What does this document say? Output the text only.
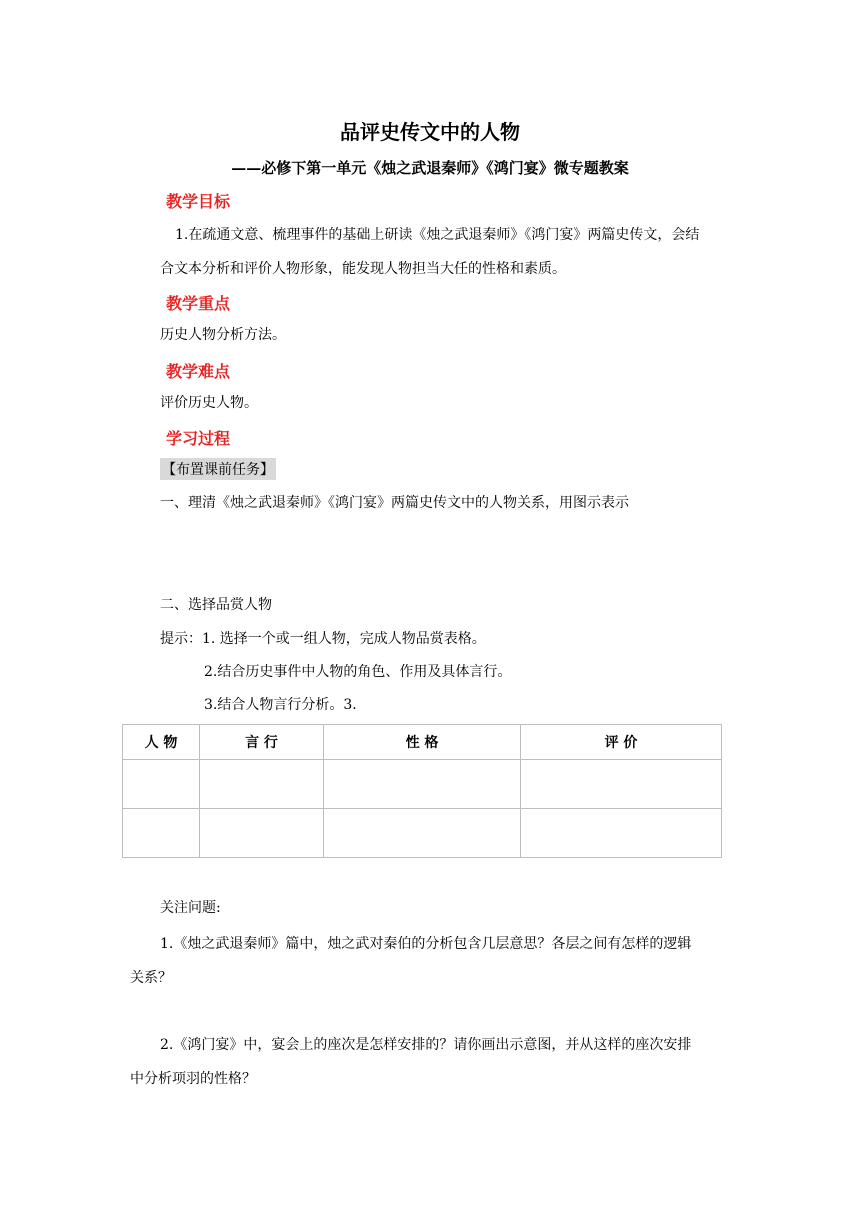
品评史传文中的人物
——必修下第一单元《烛之武退秦师》《鸿门宴》微专题教案
教学目标
1.在疏通文意、梳理事件的基础上研读《烛之武退秦师》《鸿门宴》两篇史传文，会结
合文本分析和评价人物形象，能发现人物担当大任的性格和素质。
教学重点
历史人物分析方法。
教学难点
评价历史人物。
学习过程
【布置课前任务】
一、理清《烛之武退秦师》《鸿门宴》两篇史传文中的人物关系，用图示表示
二、选择品赏人物
提示：1. 选择一个或一组人物，完成人物品赏表格。
2.结合历史事件中人物的角色、作用及具体言行。
3.结合人物言行分析。3.
人 物	言 行	性 格	评 价

关注问题:
1.《烛之武退秦师》篇中，烛之武对秦伯的分析包含几层意思？各层之间有怎样的逻辑
关系？
2.《鸿门宴》中，宴会上的座次是怎样安排的？请你画出示意图，并从这样的座次安排
中分析项羽的性格？
